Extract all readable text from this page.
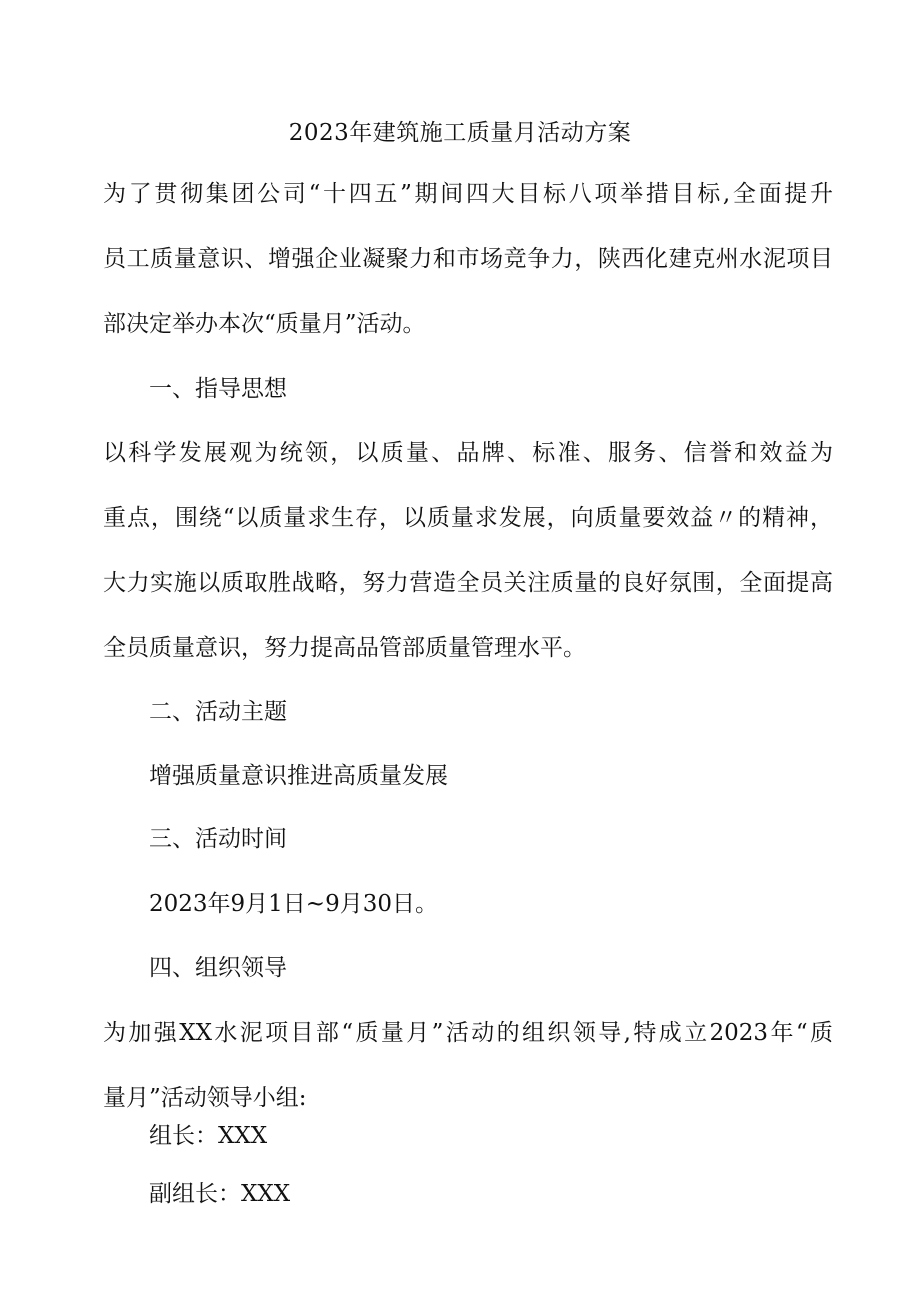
2023年建筑施工质量月活动方案
为了贯彻集团公司“十四五”期间四大目标八项举措目标,全面提升
员工质量意识、增强企业凝聚力和市场竞争力，陕西化建克州水泥项目
部决定举办本次“质量月”活动。
一、指导思想
以科学发展观为统领，以质量、品牌、标准、服务、信誉和效益为
重点，围绕“以质量求生存，以质量求发展，向质量要效益〃的精神，
大力实施以质取胜战略，努力营造全员关注质量的良好氛围，全面提高
全员质量意识，努力提高品管部质量管理水平。
二、活动主题
增强质量意识推进高质量发展
三、活动时间
2023年9月1日~9月30日。
四、组织领导
为加强XX水泥项目部“质量月”活动的组织领导,特成立2023年“质
量月”活动领导小组:
组长：XXX
副组长：XXX
